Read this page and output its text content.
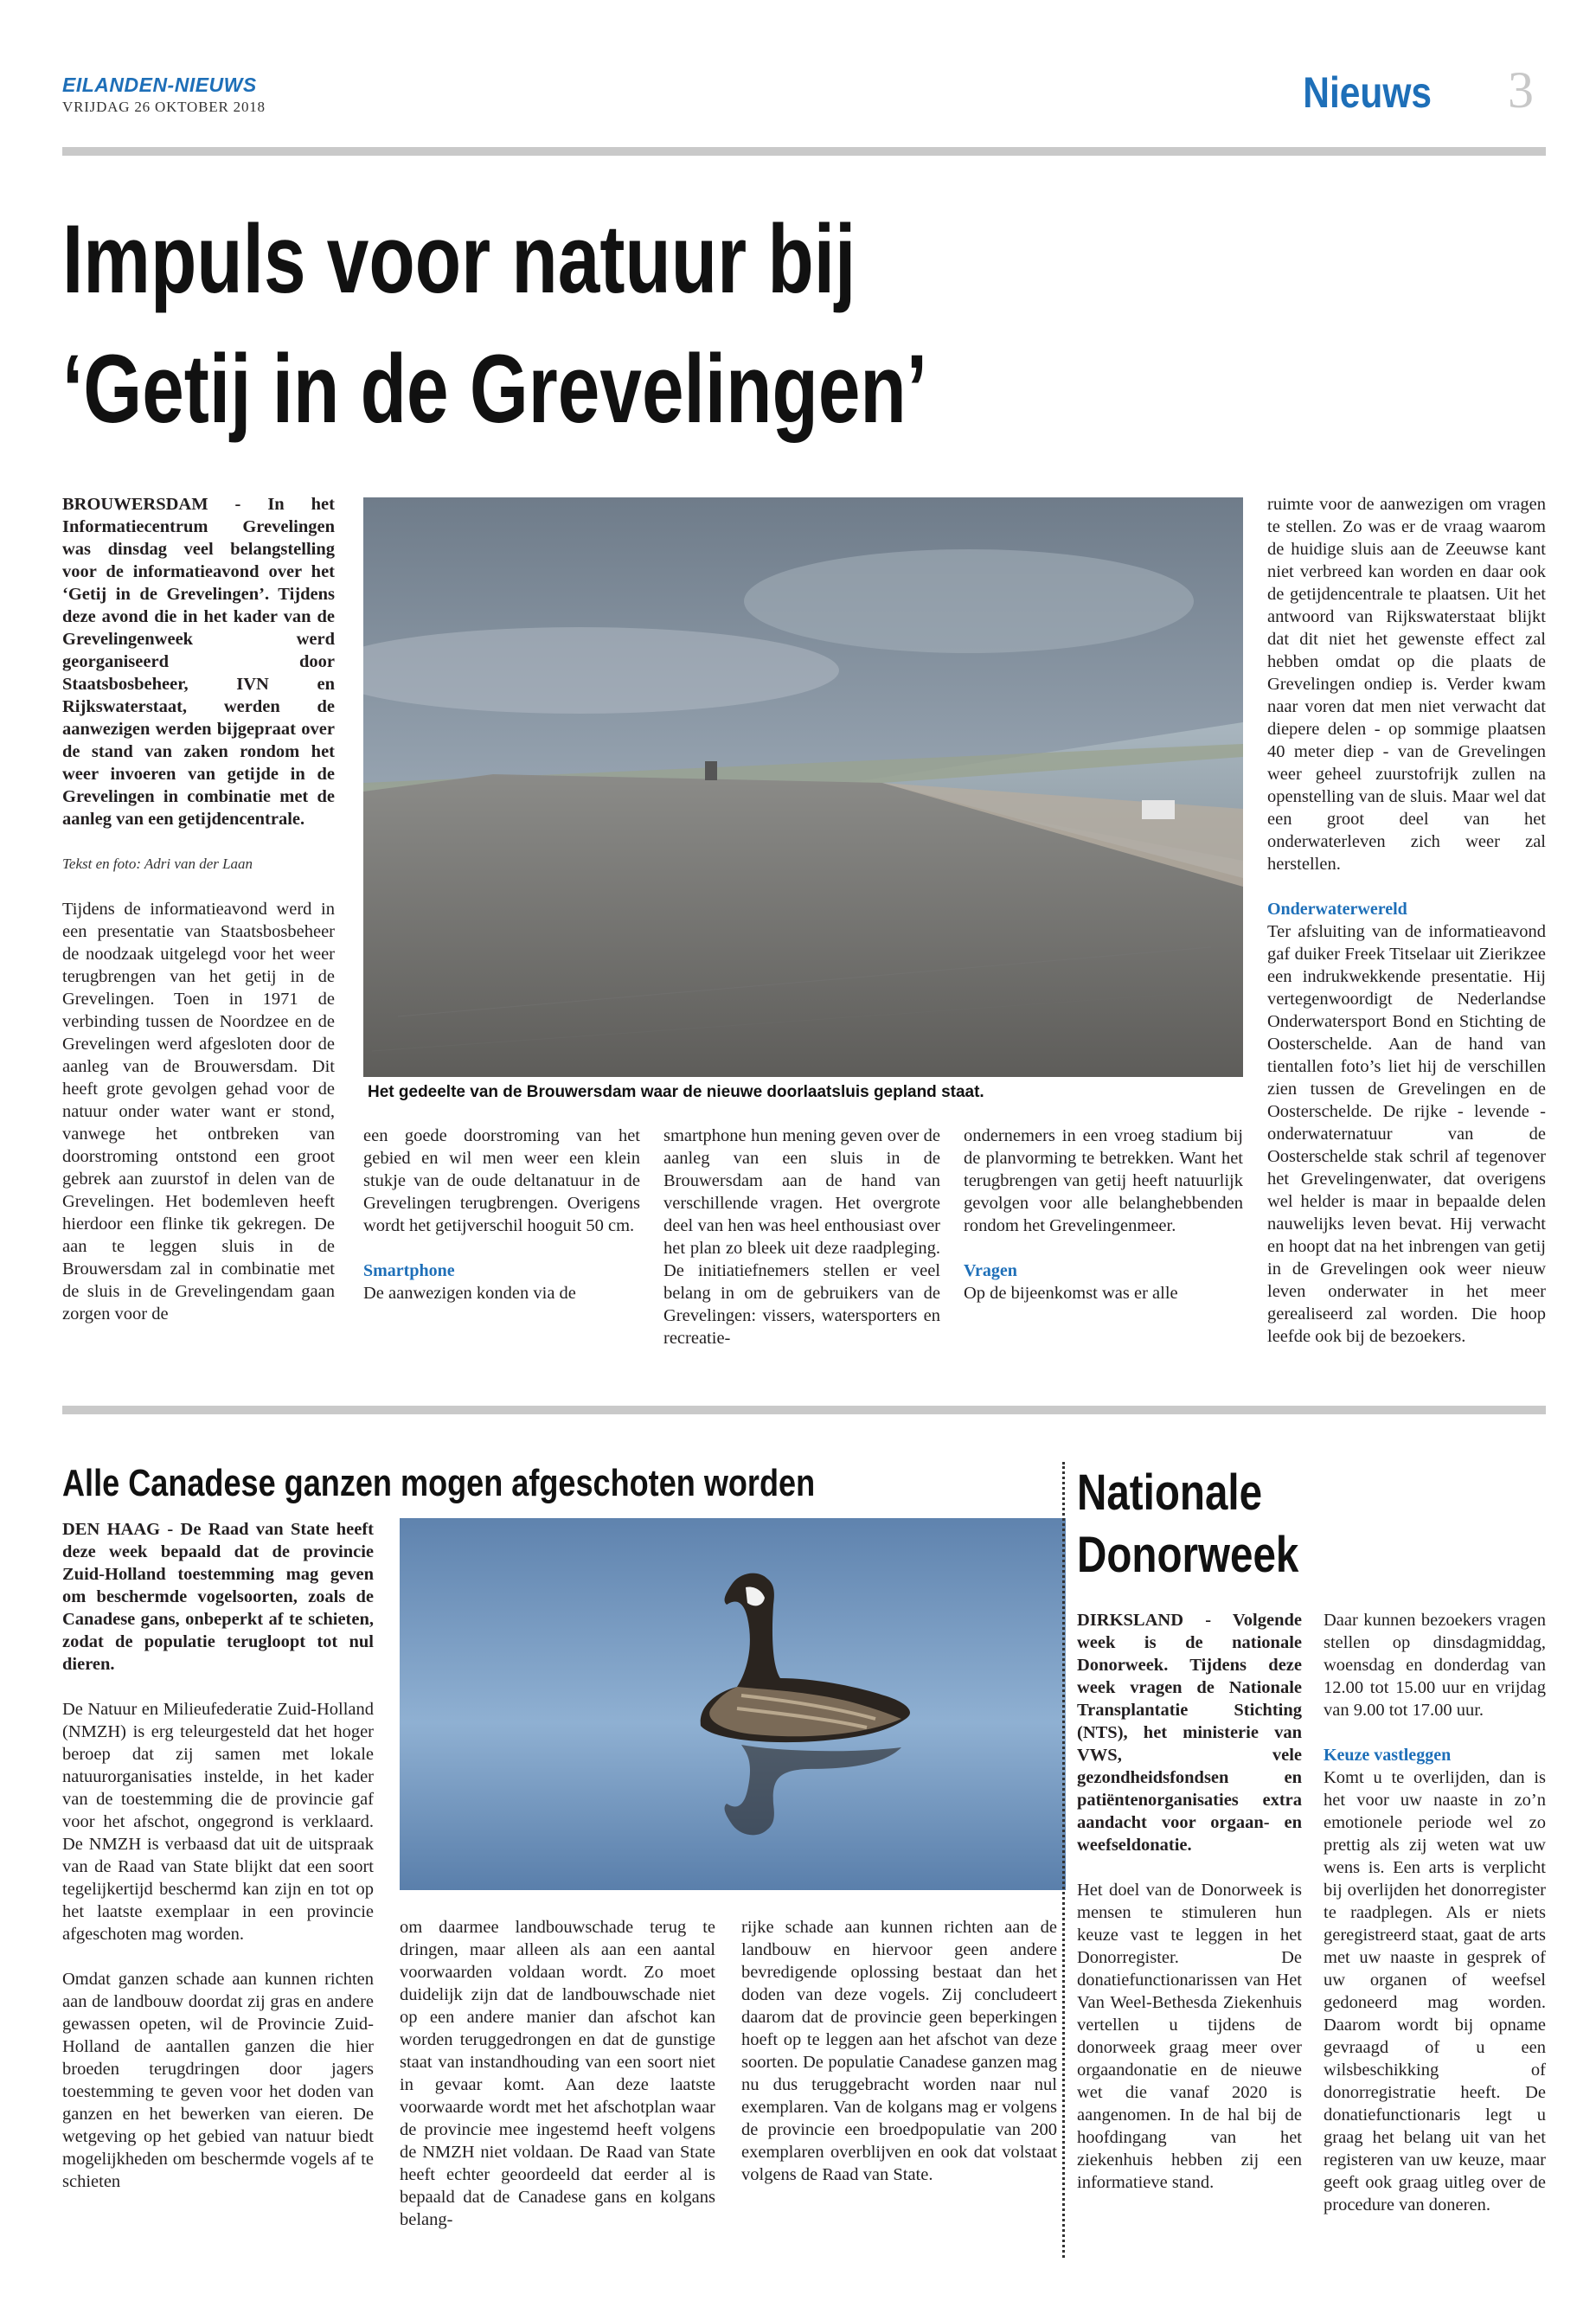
EILANDEN-NIEUWS
VRIJDAG 26 OKTOBER 2018	Nieuws 3
Impuls voor natuur bij
‘Getij in de Grevelingen’

BROUWERSDAM - In het Informatiecentrum Grevelingen was dinsdag veel belangstelling voor de informatieavond over het ‘Getij in de Grevelingen’. Tijdens deze avond die in het kader van de Grevelingenweek werd georganiseerd door Staatsbosbeheer, IVN en Rijkswaterstaat, werden de aanwezigen werden bijgepraat over de stand van zaken rondom het weer invoeren van getijde in de Grevelingen in combinatie met de aanleg van een getijdencentrale.

Tekst en foto: Adri van der Laan

Tijdens de informatieavond werd in een presentatie van Staatsbosbeheer de noodzaak uitgelegd voor het weer terugbrengen van het getij in de Grevelingen. Toen in 1971 de verbinding tussen de Noordzee en de Grevelingen werd afgesloten door de aanleg van de Brouwersdam. Dit heeft grote gevolgen gehad voor de natuur onder water want er stond, vanwege het ontbreken van doorstroming ontstond een groot gebrek aan zuurstof in delen van de Grevelingen. Het bodemleven heeft hierdoor een flinke tik gekregen. De aan te leggen sluis in de Brouwersdam zal in combinatie met de sluis in de Grevelingendam gaan zorgen voor de

Het gedeelte van de Brouwersdam waar de nieuwe doorlaatsluis gepland staat.

een goede doorstroming van het gebied en wil men weer een klein stukje van de oude deltanatuur in de Grevelingen terugbrengen. Overigens wordt het getijverschil hooguit 50 cm.

Smartphone
De aanwezigen konden via de

smartphone hun mening geven over de aanleg van een sluis in de Brouwersdam aan de hand van verschillende vragen. Het overgrote deel van hen was heel enthousiast over het plan zo bleek uit deze raadpleging. De initiatiefnemers stellen er veel belang in om de gebruikers van de Grevelingen: vissers, watersporters en recreatie-

ondernemers in een vroeg stadium bij de planvorming te betrekken. Want het terugbrengen van getij heeft natuurlijk gevolgen voor alle belanghebbenden rondom het Grevelingenmeer.

Vragen
Op de bijeenkomst was er alle

ruimte voor de aanwezigen om vragen te stellen. Zo was er de vraag waarom de huidige sluis aan de Zeeuwse kant niet verbreed kan worden en daar ook de getijdencentrale te plaatsen. Uit het antwoord van Rijkswaterstaat blijkt dat dit niet het gewenste effect zal hebben omdat op die plaats de Grevelingen ondiep is. Verder kwam naar voren dat men niet verwacht dat diepere delen - op sommige plaatsen 40 meter diep - van de Grevelingen weer geheel zuurstofrijk zullen na openstelling van de sluis. Maar wel dat een groot deel van het onderwaterleven zich weer zal herstellen.

Onderwaterwereld
Ter afsluiting van de informatieavond gaf duiker Freek Titselaar uit Zierikzee een indrukwekkende presentatie. Hij vertegenwoordigt de Nederlandse Onderwatersport Bond en Stichting de Oosterschelde. Aan de hand van tientallen foto’s liet hij de verschillen zien tussen de Grevelingen en de Oosterschelde. De rijke - levende - onderwaternatuur van de Oosterschelde stak schril af tegenover het Grevelingenwater, dat overigens wel helder is maar in bepaalde delen nauwelijks leven bevat. Hij verwacht en hoopt dat na het inbrengen van getij in de Grevelingen ook weer nieuw leven onderwater in het meer gerealiseerd zal worden. Die hoop leefde ook bij de bezoekers.
Alle Canadese ganzen mogen afgeschoten worden

DEN HAAG - De Raad van State heeft deze week bepaald dat de provincie Zuid-Holland toestemming mag geven om beschermde vogelsoorten, zoals de Canadese gans, onbeperkt af te schieten, zodat de populatie terugloopt tot nul dieren.

De Natuur en Milieufederatie Zuid-Holland (NMZH) is erg teleurgesteld dat het hoger beroep dat zij samen met lokale natuurorganisaties instelde, in het kader van de toestemming die de provincie gaf voor het afschot, ongegrond is verklaard. De NMZH is verbaasd dat uit de uitspraak van de Raad van State blijkt dat een soort tegelijkertijd beschermd kan zijn en tot op het laatste exemplaar in een provincie afgeschoten mag worden.

Omdat ganzen schade aan kunnen richten aan de landbouw doordat zij gras en andere gewassen opeten, wil de Provincie Zuid-Holland de aantallen ganzen die hier broeden terugdringen door jagers toestemming te geven voor het doden van ganzen en het bewerken van eieren. De wetgeving op het gebied van natuur biedt mogelijkheden om beschermde vogels af te schieten

om daarmee landbouwschade terug te dringen, maar alleen als aan een aantal voorwaarden voldaan wordt. Zo moet duidelijk zijn dat de landbouwschade niet op een andere manier dan afschot kan worden teruggedrongen en dat de gunstige staat van instandhouding van een soort niet in gevaar komt. Aan deze laatste voorwaarde wordt met het afschotplan waar de provincie mee ingestemd heeft volgens de NMZH niet voldaan. De Raad van State heeft echter geoordeeld dat eerder al is bepaald dat de Canadese gans en kolgans belang-

rijke schade aan kunnen richten aan de landbouw en hiervoor geen andere bevredigende oplossing bestaat dan het doden van deze vogels. Zij concludeert daarom dat de provincie geen beperkingen hoeft op te leggen aan het afschot van deze soorten. De populatie Canadese ganzen mag nu dus teruggebracht worden naar nul exemplaren. Van de kolgans mag er volgens de provincie een broedpopulatie van 200 exemplaren overblijven en ook dat volstaat volgens de Raad van State.

Nationale
Donorweek

DIRKSLAND - Volgende week is de nationale Donorweek. Tijdens deze week vragen de Nationale Transplantatie Stichting (NTS), het ministerie van VWS, vele gezondheidsfondsen en patiëntenorganisaties extra aandacht voor orgaan- en weefseldonatie.

Het doel van de Donorweek is mensen te stimuleren hun keuze vast te leggen in het Donorregister. De donatiefunctionarissen van Het Van Weel-Bethesda Ziekenhuis vertellen u tijdens de donorweek graag meer over orgaandonatie en de nieuwe wet die vanaf 2020 is aangenomen. In de hal bij de hoofdingang van het ziekenhuis hebben zij een informatieve stand.

Daar kunnen bezoekers vragen stellen op dinsdagmiddag, woensdag en donderdag van 12.00 tot 15.00 uur en vrijdag van 9.00 tot 17.00 uur.

Keuze vastleggen
Komt u te overlijden, dan is het voor uw naaste in zo’n emotionele periode wel zo prettig als zij weten wat uw wens is. Een arts is verplicht bij overlijden het donorregister te raadplegen. Als er niets geregistreerd staat, gaat de arts met uw naaste in gesprek of uw organen of weefsel gedoneerd mag worden. Daarom wordt bij opname gevraagd of u een wilsbeschikking of donorregistratie heeft. De donatiefunctionaris legt u graag het belang uit van het registeren van uw keuze, maar geeft ook graag uitleg over de procedure van doneren.
